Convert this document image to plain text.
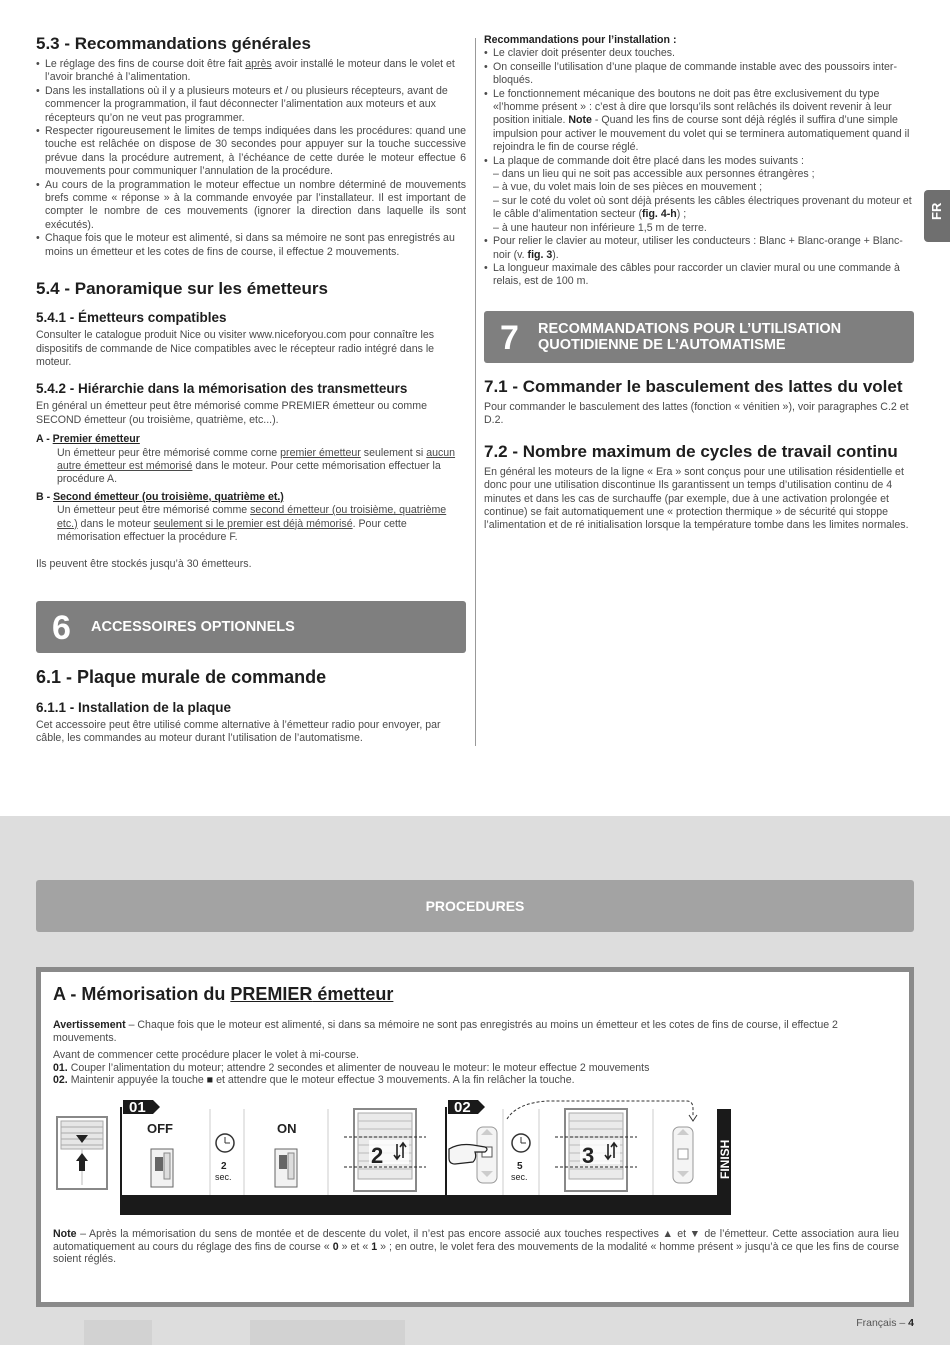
5.3 - Recommandations générales
• Le réglage des fins de course doit être fait après avoir installé le moteur dans le volet et l’avoir branché à l’alimentation.
• Dans les installations où il y a plusieurs moteurs et / ou plusieurs récepteurs, avant de commencer la programmation, il faut déconnecter l’alimentation aux moteurs et aux récepteurs qu’on ne veut pas programmer.
• Respecter rigoureusement le limites de temps indiquées dans les procédures: quand une touche est relâchée on dispose de 30 secondes pour appuyer sur la touche successive prévue dans la procédure autrement, à l’échéance de cette durée le moteur effectue 6 mouvements pour communiquer l’annulation de la procédure.
• Au cours de la programmation le moteur effectue un nombre déterminé de mouvements brefs comme « réponse » à la commande envoyée par l’installateur. Il est important de compter le nombre de ces mouvements (ignorer la direction dans laquelle ils sont exécutés).
• Chaque fois que le moteur est alimenté, si dans sa mémoire ne sont pas enregistrés au moins un émetteur et les cotes de fins de course, il effectue 2 mouvements.
5.4 - Panoramique sur les émetteurs
5.4.1 - Émetteurs compatibles
Consulter le catalogue produit Nice ou visiter www.niceforyou.com pour connaître les dispositifs de commande de Nice compatibles avec le récepteur radio intégré dans le moteur.
5.4.2 - Hiérarchie dans la mémorisation des transmetteurs
En général un émetteur peut être mémorisé comme PREMIER émetteur ou comme SECOND émetteur (ou troisième, quatrième, etc...).
A - Premier émetteur
Un émetteur peur être mémorisé comme corne premier émetteur seulement si aucun autre émetteur est mémorisé dans le moteur. Pour cette mémorisation effectuer la procédure A.
B - Second émetteur (ou troisième, quatrième et.)
Un émetteur peut être mémorisé comme second émetteur (ou troisième, quatrième etc.) dans le moteur seulement si le premier est déjà mémorisé. Pour cette mémorisation effectuer la procédure F.
Ils peuvent être stockés jusqu’à 30 émetteurs.
6 ACCESSOIRES OPTIONNELS
6.1 - Plaque murale de commande
6.1.1 - Installation de la plaque
Cet accessoire peut être utilisé comme alternative à l’émetteur radio pour envoyer, par câble, les commandes au moteur durant l’utilisation de l’automatisme.
Recommandations pour l’installation :
• Le clavier doit présenter deux touches.
• On conseille l’utilisation d’une plaque de commande instable avec des poussoirs inter-bloqués.
• Le fonctionnement mécanique des boutons ne doit pas être exclusivement du type «l’homme présent » : c’est à dire que lorsqu’ils sont relâchés ils doivent revenir à leur position initiale. Note - Quand les fins de course sont déjà réglés il suffira d’une simple impulsion pour activer le mouvement du volet qui se terminera automatiquement quand il rejoindra le fin de course réglé.
• La plaque de commande doit être placé dans les modes suivants :
– dans un lieu qui ne soit pas accessible aux personnes étrangères ;
– à vue, du volet mais loin de ses pièces en mouvement ;
– sur le coté du volet où sont déjà présents les câbles électriques provenant du moteur et le câble d’alimentation secteur (fig. 4-h) ;
– à une hauteur non inférieure 1,5 m de terre.
• Pour relier le clavier au moteur, utiliser les conducteurs : Blanc + Blanc-orange + Blanc-noir (v. fig. 3).
• La longueur maximale des câbles pour raccorder un clavier mural ou une commande à relais, est de 100 m.
7 RECOMMANDATIONS POUR L’UTILISATION
QUOTIDIENNE DE L’AUTOMATISME
7.1 - Commander le basculement des lattes du volet
Pour commander le basculement des lattes (fonction « vénitien »), voir paragraphes C.2 et D.2.
7.2 - Nombre maximum de cycles de travail continu
En général les moteurs de la ligne « Era » sont conçus pour une utilisation résidentielle et donc pour une utilisation discontinue Ils garantissent un temps d’utilisation continu de 4 minutes et dans les cas de surchauffe (par exemple, due à une activation prolongée et continue) se fait automatiquement une « protection thermique » de sécurité qui stoppe l’alimentation et de ré initialisation lorsque la température tombe dans les limites normales.
FR
PROCEDURES
A - Mémorisation du PREMIER émetteur
Avertissement – Chaque fois que le moteur est alimenté, si dans sa mémoire ne sont pas enregistrés au moins un émetteur et les cotes de fins de course, il effectue 2 mouvements.
Avant de commencer cette procédure placer le volet à mi-course.
01. Couper l’alimentation du moteur; attendre 2 secondes et alimenter de nouveau le moteur: le moteur effectue 2 mouvements
02. Maintenir appuyée la touche ■ et attendre que le moteur effectue 3 mouvements. A la fin relâcher la touche.
01	02
OFF
2
sec.
ON
2	5
sec.
3	FINISH
Note – Après la mémorisation du sens de montée et de descente du volet, il n’est pas encore associé aux touches respectives ▲ et ▼ de l’émetteur. Cette association aura lieu automatiquement au cours du réglage des fins de course « 0 » et « 1 » ; en outre, le volet fera des mouvements de la modalité « homme présent » jusqu’à ce que les fins de course soient réglés.
Français – 4
